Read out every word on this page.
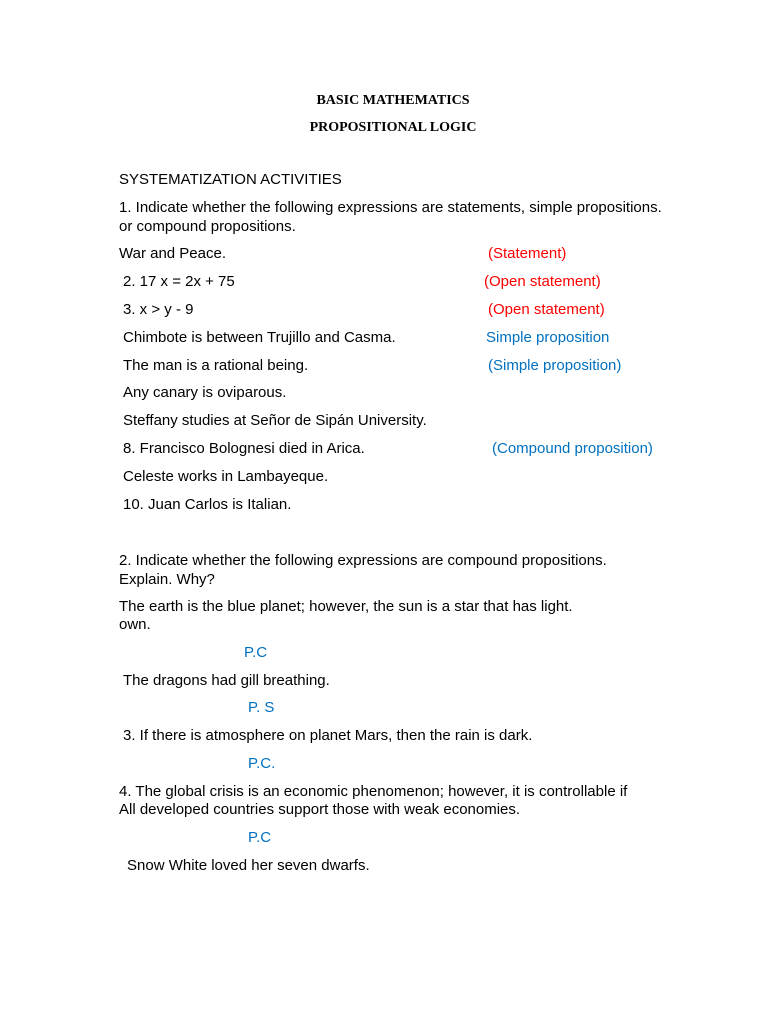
BASIC MATHEMATICS
PROPOSITIONAL LOGIC
SYSTEMATIZATION ACTIVITIES
1. Indicate whether the following expressions are statements, simple propositions.
or compound propositions.
War and Peace.	(Statement)
2. 17 x = 2x + 75	(Open statement)
3. x > y - 9	(Open statement)
Chimbote is between Trujillo and Casma.	Simple proposition
The man is a rational being.	(Simple proposition)
Any canary is oviparous.
Steffany studies at Señor de Sipán University.
8. Francisco Bolognesi died in Arica.	(Compound proposition)
Celeste works in Lambayeque.
10. Juan Carlos is Italian.
2. Indicate whether the following expressions are compound propositions.
Explain. Why?
The earth is the blue planet; however, the sun is a star that has light.
own.
P.C
The dragons had gill breathing.
P. S
3. If there is atmosphere on planet Mars, then the rain is dark.
P.C.
4. The global crisis is an economic phenomenon; however, it is controllable if
All developed countries support those with weak economies.
P.C
Snow White loved her seven dwarfs.
